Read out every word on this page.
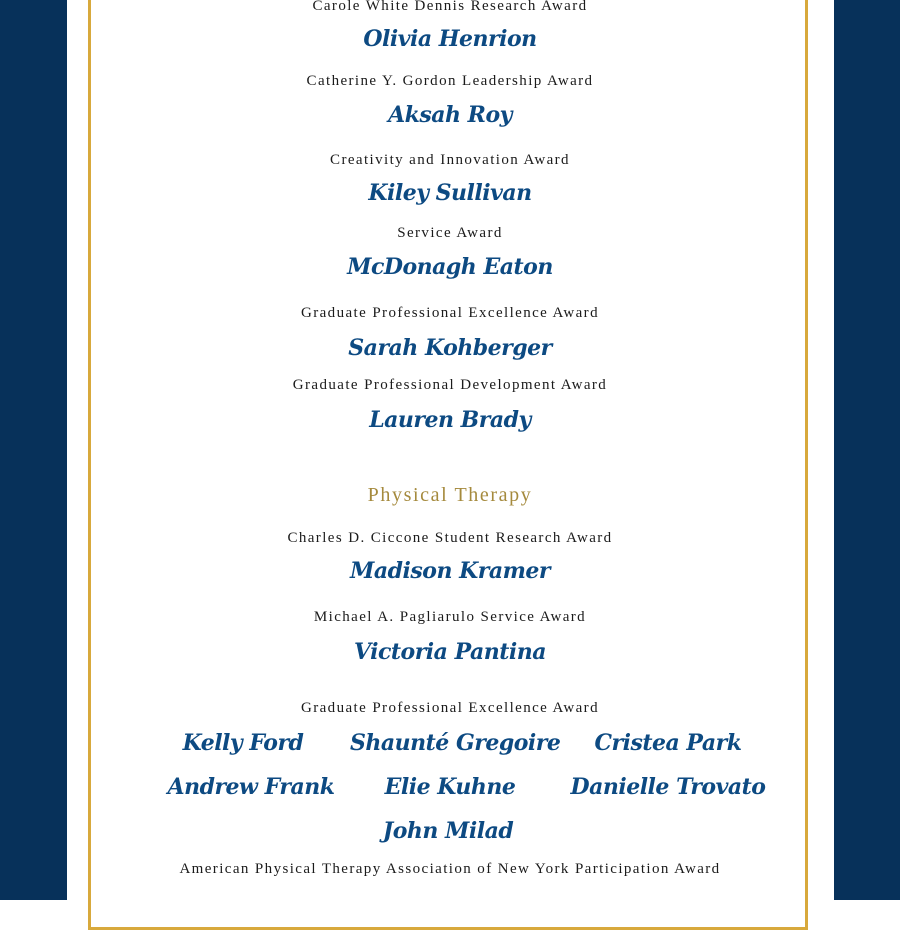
Carole White Dennis Research Award
Olivia Henrion
Catherine Y. Gordon Leadership Award
Aksah Roy
Creativity and Innovation Award
Kiley Sullivan
Service Award
McDonagh Eaton
Graduate Professional Excellence Award
Sarah Kohberger
Graduate Professional Development Award
Lauren Brady
Physical Therapy
Charles D. Ciccone Student Research Award
Madison Kramer
Michael A. Pagliarulo Service Award
Victoria Pantina
Graduate Professional Excellence Award
Kelly Ford	Shaunté Gregoire	Cristea Park
Andrew Frank	Elie Kuhne	Danielle Trovato
John Milad
American Physical Therapy Association of New York Participation Award
